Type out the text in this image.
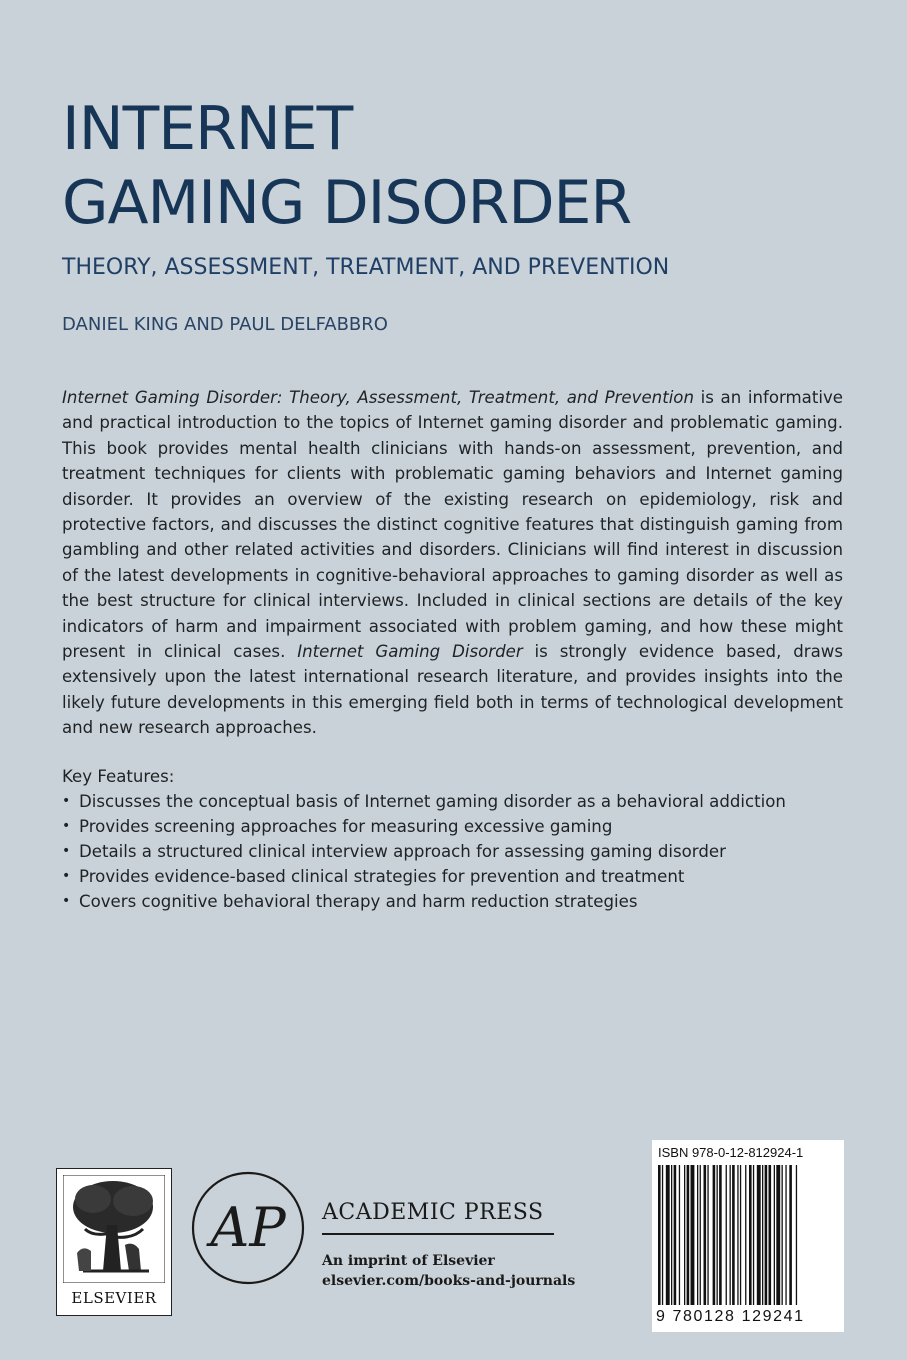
INTERNET
GAMING DISORDER
THEORY, ASSESSMENT, TREATMENT, AND PREVENTION
DANIEL KING AND PAUL DELFABBRO

Internet Gaming Disorder: Theory, Assessment, Treatment, and Prevention is an informative and practical introduction to the topics of Internet gaming disorder and problematic gaming. This book provides mental health clinicians with hands-on assessment, prevention, and treatment techniques for clients with problematic gaming behaviors and Internet gaming disorder. It provides an overview of the existing research on epidemiology, risk and protective factors, and discusses the distinct cognitive features that distinguish gaming from gambling and other related activities and disorders. Clinicians will find interest in discussion of the latest developments in cognitive-behavioral approaches to gaming disorder as well as the best structure for clinical interviews. Included in clinical sections are details of the key indicators of harm and impairment associated with problem gaming, and how these might present in clinical cases. Internet Gaming Disorder is strongly evidence based, draws extensively upon the latest international research literature, and provides insights into the likely future developments in this emerging field both in terms of technological development and new research approaches.

Key Features:
• Discusses the conceptual basis of Internet gaming disorder as a behavioral addiction
• Provides screening approaches for measuring excessive gaming
• Details a structured clinical interview approach for assessing gaming disorder
• Provides evidence-based clinical strategies for prevention and treatment
• Covers cognitive behavioral therapy and harm reduction strategies
ELSEVIER
AP ACADEMIC PRESS
An imprint of Elsevier
elsevier.com/books-and-journals
ISBN 978-0-12-812924-1
9 780128 129241
